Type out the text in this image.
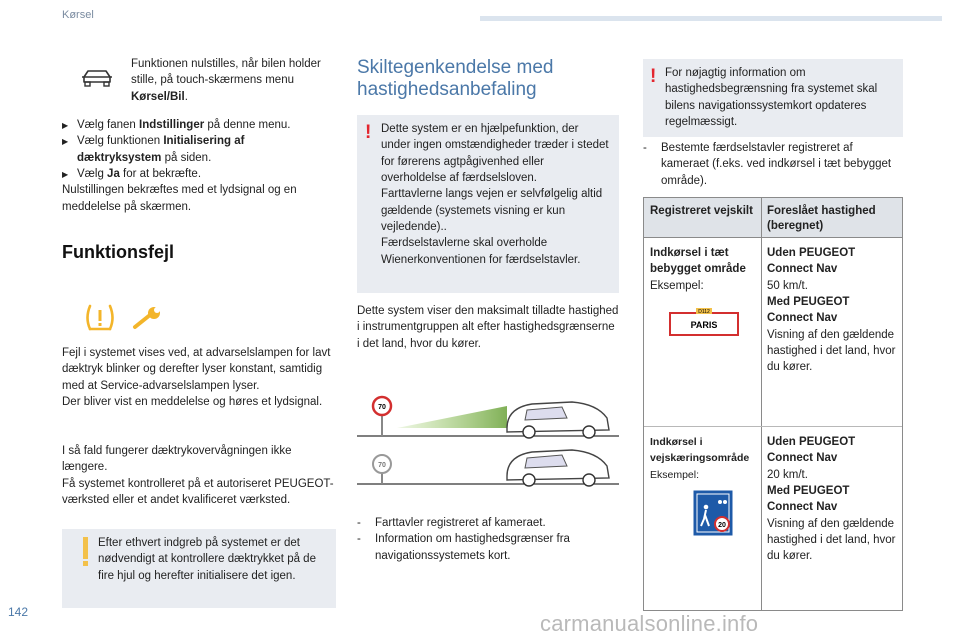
Kørsel
Funktionen nulstilles, når bilen holder stille, på touch-skærmens menu Kørsel/Bil.
▶ Vælg fanen Indstillinger på denne menu.
▶ Vælg funktionen Initialisering af
dæktryksystem på siden.
▶ Vælg Ja for at bekræfte.
Nulstillingen bekræftes med et lydsignal og en meddelelse på skærmen.
Funktionsfejl
Fejl i systemet vises ved, at advarselslampen for lavt dæktryk blinker og derefter lyser konstant, samtidig med at Service-advarselslampen lyser.
Der bliver vist en meddelelse og høres et lydsignal.
I så fald fungerer dæktrykovervågningen ikke længere.
Få systemet kontrolleret på et autoriseret PEUGEOT-værksted eller et andet kvalificeret værksted.
Efter ethvert indgreb på systemet er det nødvendigt at kontrollere dæktrykket på de fire hjul og herefter initialisere det igen.
Skiltegenkendelse med hastighedsanbefaling
! Dette system er en hjælpefunktion, der under ingen omstændigheder træder i stedet for førerens agtpågivenhed eller overholdelse af færdselsloven.
Farttavlerne langs vejen er selvfølgelig altid gældende (systemets visning er kun vejledende)..
Færdselstavlerne skal overholde Wienerkonventionen for færdselstavler.
Dette system viser den maksimalt tilladte hastighed i instrumentgruppen alt efter hastighedsgrænserne i det land, hvor du kører.
70
70
- Farttavler registreret af kameraet.
- Information om hastighedsgrænser fra navigationssystemets kort.
! For nøjagtig information om hastighedsbegrænsning fra systemet skal bilens navigationssystemkort opdateres regelmæssigt.
- Bestemte færdselstavler registreret af kameraet (f.eks. ved indkørsel i tæt bebygget område).
Registreret vejskilt	Foreslået hastighed (beregnet)
Indkørsel i tæt bebygget område
Eksempel:
D112
PARIS
Uden PEUGEOT Connect Nav
50 km/t.
Med PEUGEOT Connect Nav
Visning af den gældende hastighed i det land, hvor du kører.
Indkørsel i vejskæringsområde
Eksempel:
20
Uden PEUGEOT Connect Nav
20 km/t.
Med PEUGEOT Connect Nav
Visning af den gældende hastighed i det land, hvor du kører.
142	carmanualsonline.info
